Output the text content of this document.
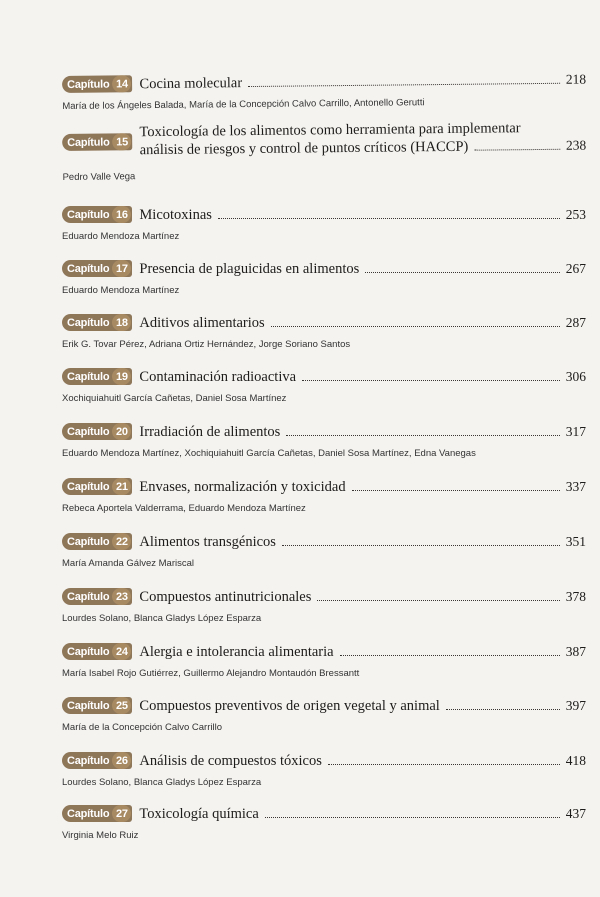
Capítulo 14 Cocina molecular	218
María de los Ángeles Balada, María de la Concepción Calvo Carrillo, Antonello Gerutti
Capítulo 15
Toxicología de los alimentos como herramienta para implementar
análisis de riesgos y control de puntos críticos (HACCP)	238
Pedro Valle Vega
Capítulo 16 Micotoxinas	253
Eduardo Mendoza Martínez
Capítulo 17 Presencia de plaguicidas en alimentos	267
Eduardo Mendoza Martínez
Capítulo 18 Aditivos alimentarios	287
Erik G. Tovar Pérez, Adriana Ortiz Hernández, Jorge Soriano Santos
Capítulo 19 Contaminación radioactiva	306
Xochiquiahuitl García Cañetas, Daniel Sosa Martínez
Capítulo 20 Irradiación de alimentos	317
Eduardo Mendoza Martínez, Xochiquiahuitl García Cañetas, Daniel Sosa Martínez, Edna Vanegas
Capítulo 21 Envases, normalización y toxicidad	337
Rebeca Aportela Valderrama, Eduardo Mendoza Martínez
Capítulo 22 Alimentos transgénicos	351
María Amanda Gálvez Mariscal
Capítulo 23 Compuestos antinutricionales	378
Lourdes Solano, Blanca Gladys López Esparza
Capítulo 24 Alergia e intolerancia alimentaria	387
María Isabel Rojo Gutiérrez, Guillermo Alejandro Montaudón Bressantt
Capítulo 25 Compuestos preventivos de origen vegetal y animal	397
María de la Concepción Calvo Carrillo
Capítulo 26 Análisis de compuestos tóxicos	418
Lourdes Solano, Blanca Gladys López Esparza
Capítulo 27 Toxicología química	437
Virginia Melo Ruiz
